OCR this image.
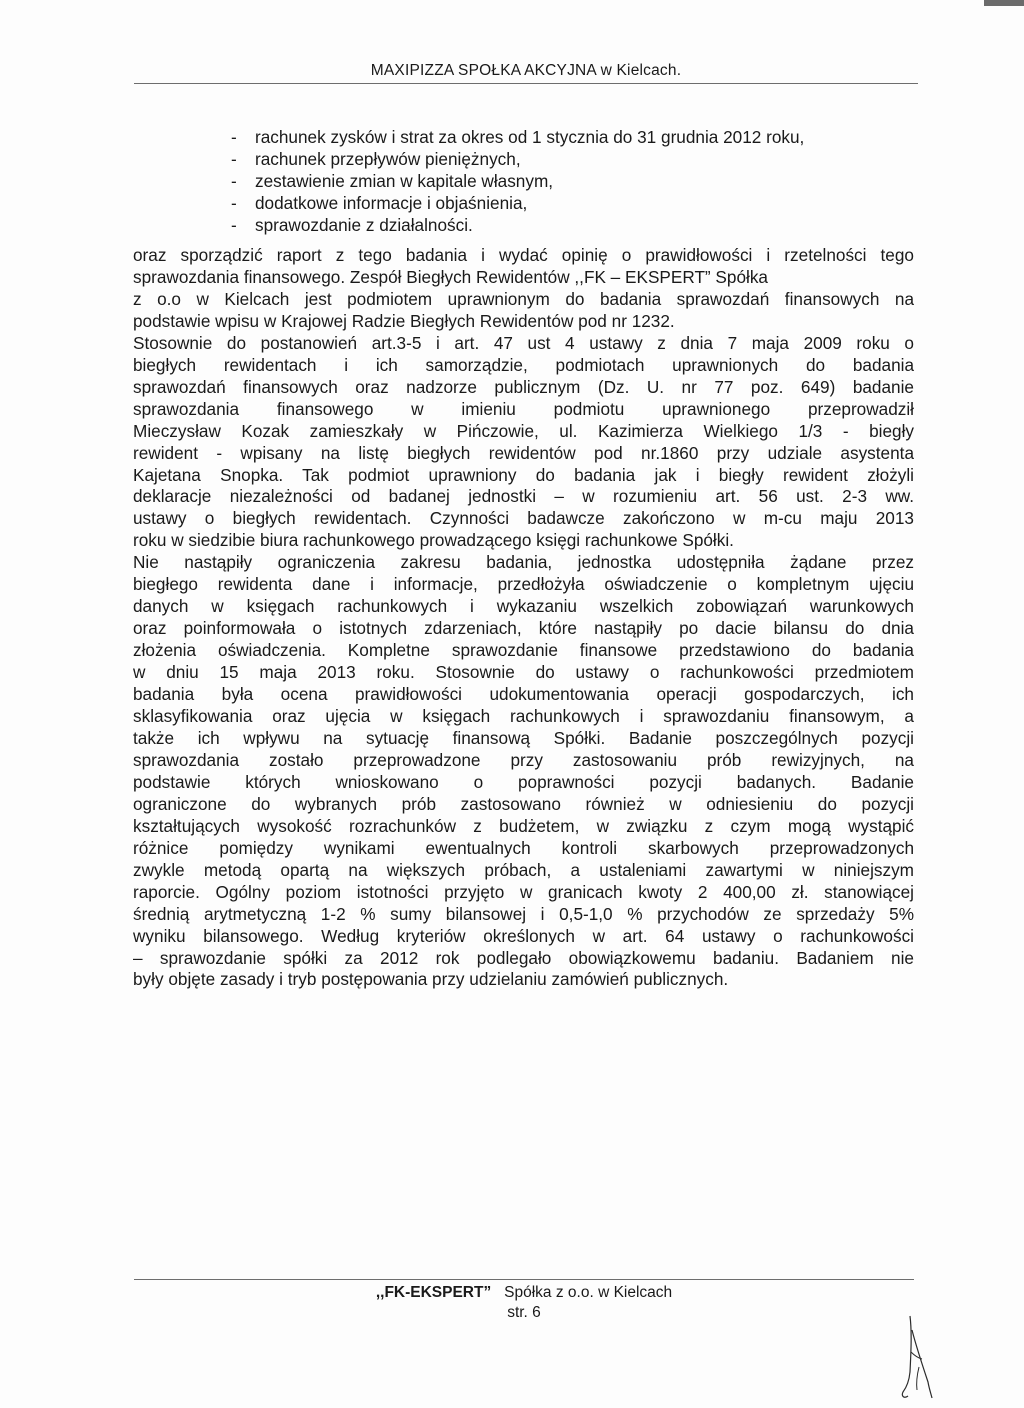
MAXIPIZZA SPOŁKA AKCYJNA w Kielcach.
- rachunek zysków i strat za okres od 1 stycznia do 31 grudnia 2012 roku,
- rachunek przepływów pieniężnych,
- zestawienie zmian w kapitale własnym,
- dodatkowe informacje i objaśnienia,
- sprawozdanie z działalności.
oraz sporządzić raport z tego badania i wydać opinię o prawidłowości i rzetelności tego
sprawozdania finansowego. Zespół Biegłych Rewidentów ,,FK – EKSPERT” Spółka
z o.o w Kielcach jest podmiotem uprawnionym do badania sprawozdań finansowych na
podstawie wpisu w Krajowej Radzie Biegłych Rewidentów pod nr 1232.
Stosownie do postanowień art.3-5 i art. 47 ust 4 ustawy z dnia 7 maja 2009 roku o
biegłych rewidentach i ich samorządzie, podmiotach uprawnionych do badania
sprawozdań finansowych oraz nadzorze publicznym (Dz. U. nr 77 poz. 649) badanie
sprawozdania finansowego w imieniu podmiotu uprawnionego przeprowadził
Mieczysław Kozak zamieszkały w Pińczowie, ul. Kazimierza Wielkiego 1/3 - biegły
rewident - wpisany na listę biegłych rewidentów pod nr.1860 przy udziale asystenta
Kajetana Snopka. Tak podmiot uprawniony do badania jak i biegły rewident złożyli
deklaracje niezależności od badanej jednostki – w rozumieniu art. 56 ust. 2-3 ww.
ustawy o biegłych rewidentach. Czynności badawcze zakończono w m-cu maju 2013
roku w siedzibie biura rachunkowego prowadzącego księgi rachunkowe Spółki.
Nie nastąpiły ograniczenia zakresu badania, jednostka udostępniła żądane przez
biegłego rewidenta dane i informacje, przedłożyła oświadczenie o kompletnym ujęciu
danych w księgach rachunkowych i wykazaniu wszelkich zobowiązań warunkowych
oraz poinformowała o istotnych zdarzeniach, które nastąpiły po dacie bilansu do dnia
złożenia oświadczenia. Kompletne sprawozdanie finansowe przedstawiono do badania
w dniu 15 maja 2013 roku. Stosownie do ustawy o rachunkowości przedmiotem
badania była ocena prawidłowości udokumentowania operacji gospodarczych, ich
sklasyfikowania oraz ujęcia w księgach rachunkowych i sprawozdaniu finansowym, a
także ich wpływu na sytuację finansową Spółki. Badanie poszczególnych pozycji
sprawozdania zostało przeprowadzone przy zastosowaniu prób rewizyjnych, na
podstawie których wnioskowano o poprawności pozycji badanych. Badanie
ograniczone do wybranych prób zastosowano również w odniesieniu do pozycji
kształtujących wysokość rozrachunków z budżetem, w związku z czym mogą wystąpić
różnice pomiędzy wynikami ewentualnych kontroli skarbowych przeprowadzonych
zwykle metodą opartą na większych próbach, a ustaleniami zawartymi w niniejszym
raporcie. Ogólny poziom istotności przyjęto w granicach kwoty 2 400,00 zł. stanowiącej
średnią arytmetyczną 1-2 % sumy bilansowej i 0,5-1,0 % przychodów ze sprzedaży 5%
wyniku bilansowego. Według kryteriów określonych w art. 64 ustawy o rachunkowości
– sprawozdanie spółki za 2012 rok podlegało obowiązkowemu badaniu. Badaniem nie
były objęte zasady i tryb postępowania przy udzielaniu zamówień publicznych.
,,FK-EKSPERT” Spółka z o.o. w Kielcach
str. 6
